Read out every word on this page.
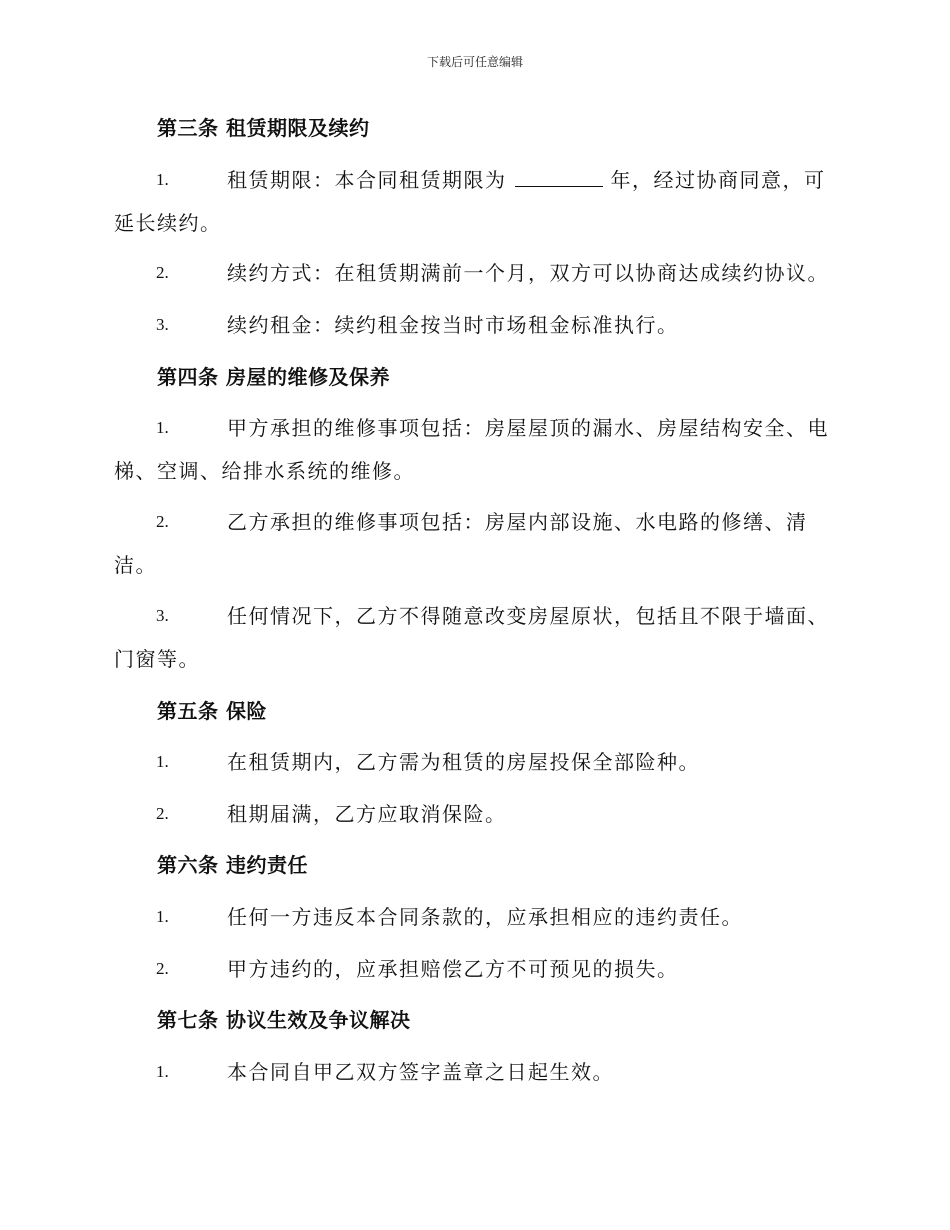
下载后可任意编辑
第三条 租赁期限及续约
1.	租赁期限：本合同租赁期限为	年，经过协商同意，可
延长续约。
2.	续约方式：在租赁期满前一个月，双方可以协商达成续约协议。
3.	续约租金：续约租金按当时市场租金标准执行。
第四条 房屋的维修及保养
1.	甲方承担的维修事项包括：房屋屋顶的漏水、房屋结构安全、电
梯、空调、给排水系统的维修。
2.	乙方承担的维修事项包括：房屋内部设施、水电路的修缮、清
洁。
3.	任何情况下，乙方不得随意改变房屋原状，包括且不限于墙面、
门窗等。
第五条 保险
1.	在租赁期内，乙方需为租赁的房屋投保全部险种。
2.	租期届满，乙方应取消保险。
第六条 违约责任
1.	任何一方违反本合同条款的，应承担相应的违约责任。
2.	甲方违约的，应承担赔偿乙方不可预见的损失。
第七条 协议生效及争议解决
1.	本合同自甲乙双方签字盖章之日起生效。
